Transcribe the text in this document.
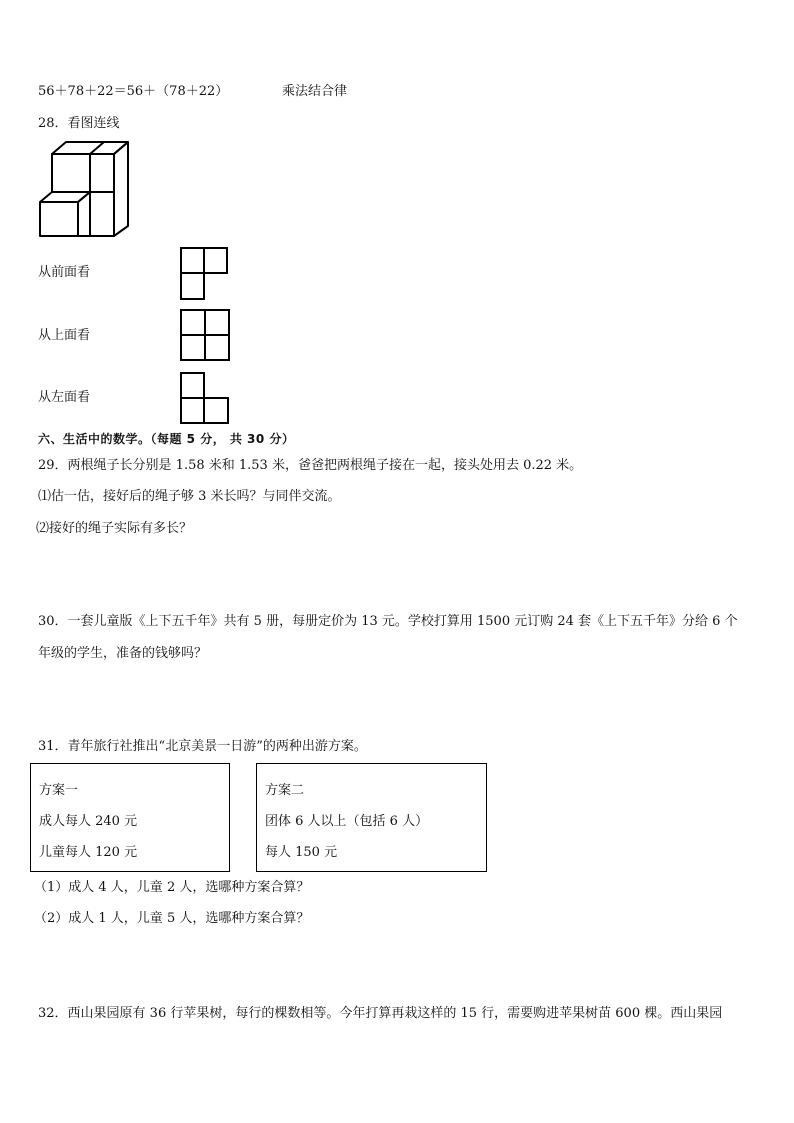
56＋78＋22＝56＋（78＋22）	乘法结合律
28．看图连线
从前面看
从上面看
从左面看
六、生活中的数学。（每题 5 分， 共 30 分）
29．两根绳子长分别是 1.58 米和 1.53 米，爸爸把两根绳子接在一起，接头处用去 0.22 米。
⑴估一估，接好后的绳子够 3 米长吗？与同伴交流。
⑵接好的绳子实际有多长？
30．一套儿童版《上下五千年》共有 5 册，每册定价为 13 元。学校打算用 1500 元订购 24 套《上下五千年》分给 6 个
年级的学生，准备的钱够吗？
31．青年旅行社推出“北京美景一日游”的两种出游方案。
方案一
成人每人 240 元
儿童每人 120 元
方案二
团体 6 人以上（包括 6 人）
每人 150 元
（1）成人 4 人，儿童 2 人，选哪种方案合算？
（2）成人 1 人，儿童 5 人，选哪种方案合算？
32．西山果园原有 36 行苹果树，每行的棵数相等。今年打算再栽这样的 15 行，需要购进苹果树苗 600 棵。西山果园
